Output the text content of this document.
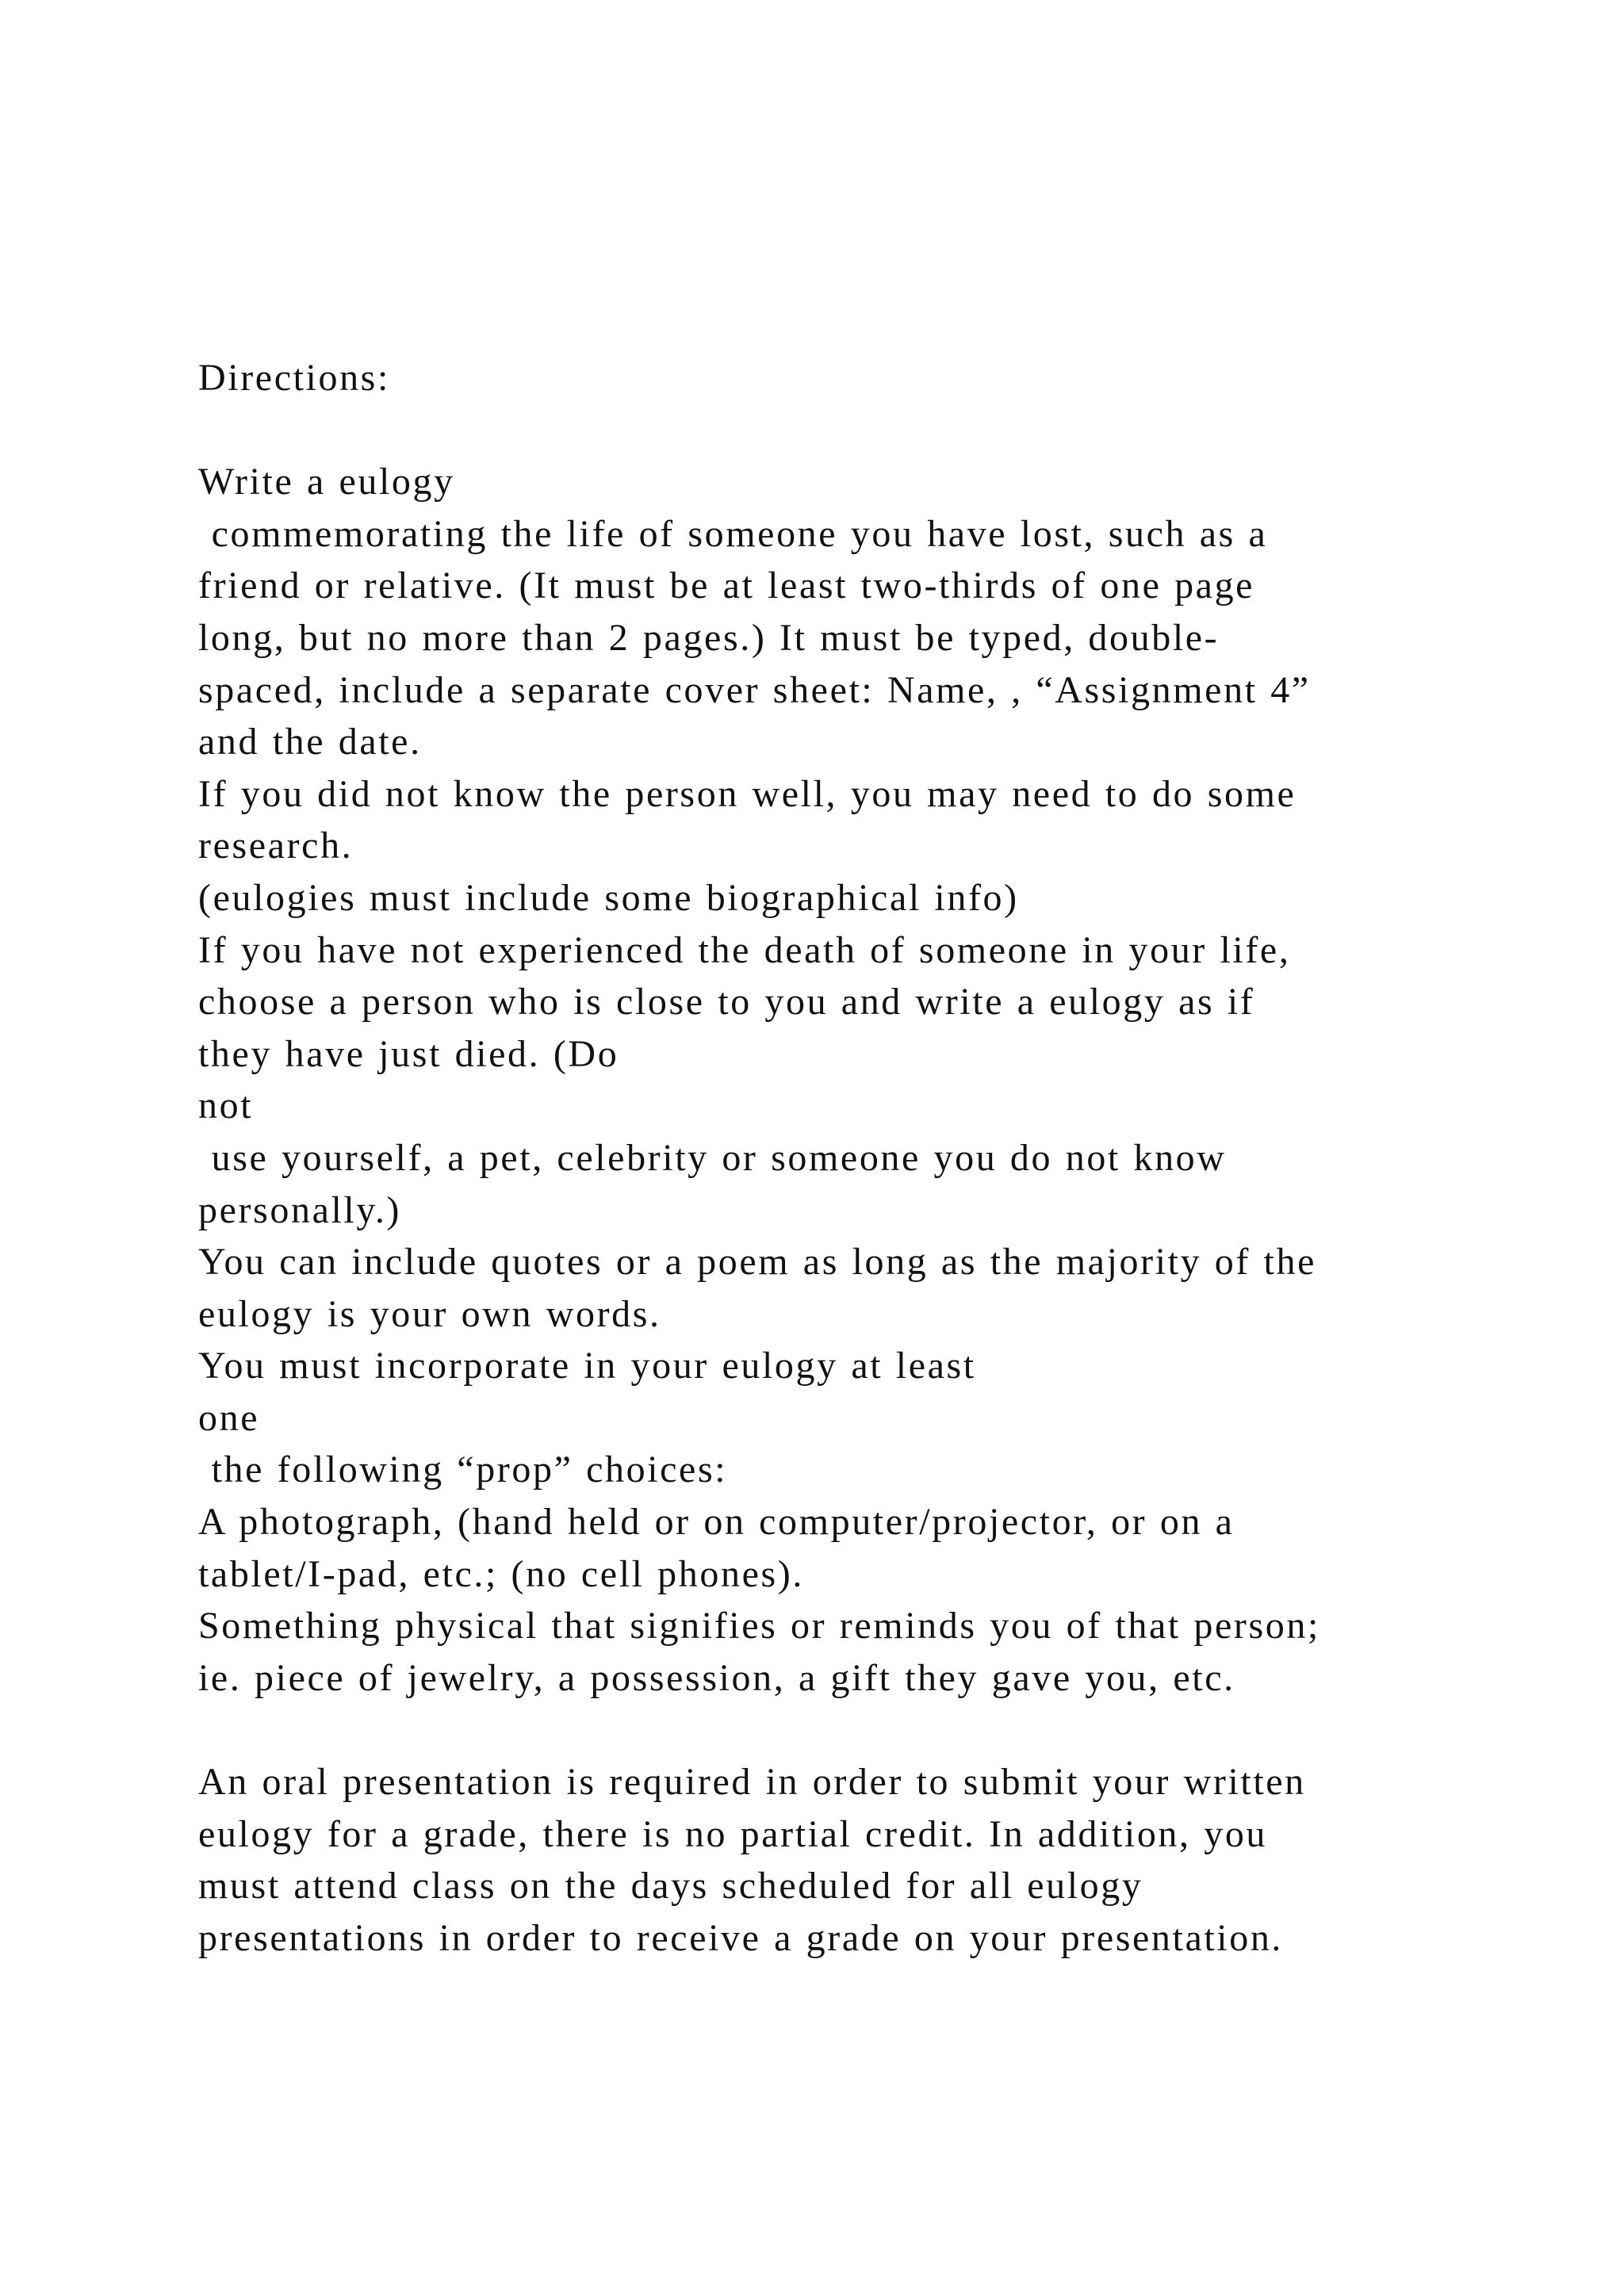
Directions:
Write a eulogy
commemorating the life of someone you have lost, such as a
friend or relative. (It must be at least two-thirds of one page
long, but no more than 2 pages.) It must be typed, double-
spaced, include a separate cover sheet: Name, , “Assignment 4”
and the date.
If you did not know the person well, you may need to do some
research.
(eulogies must include some biographical info)
If you have not experienced the death of someone in your life,
choose a person who is close to you and write a eulogy as if
they have just died. (Do
not
use yourself, a pet, celebrity or someone you do not know
personally.)
You can include quotes or a poem as long as the majority of the
eulogy is your own words.
You must incorporate in your eulogy at least
one
the following “prop” choices:
A photograph, (hand held or on computer/projector, or on a
tablet/I-pad, etc.; (no cell phones).
Something physical that signifies or reminds you of that person;
ie. piece of jewelry, a possession, a gift they gave you, etc.
An oral presentation is required in order to submit your written
eulogy for a grade, there is no partial credit. In addition, you
must attend class on the days scheduled for all eulogy
presentations in order to receive a grade on your presentation.
